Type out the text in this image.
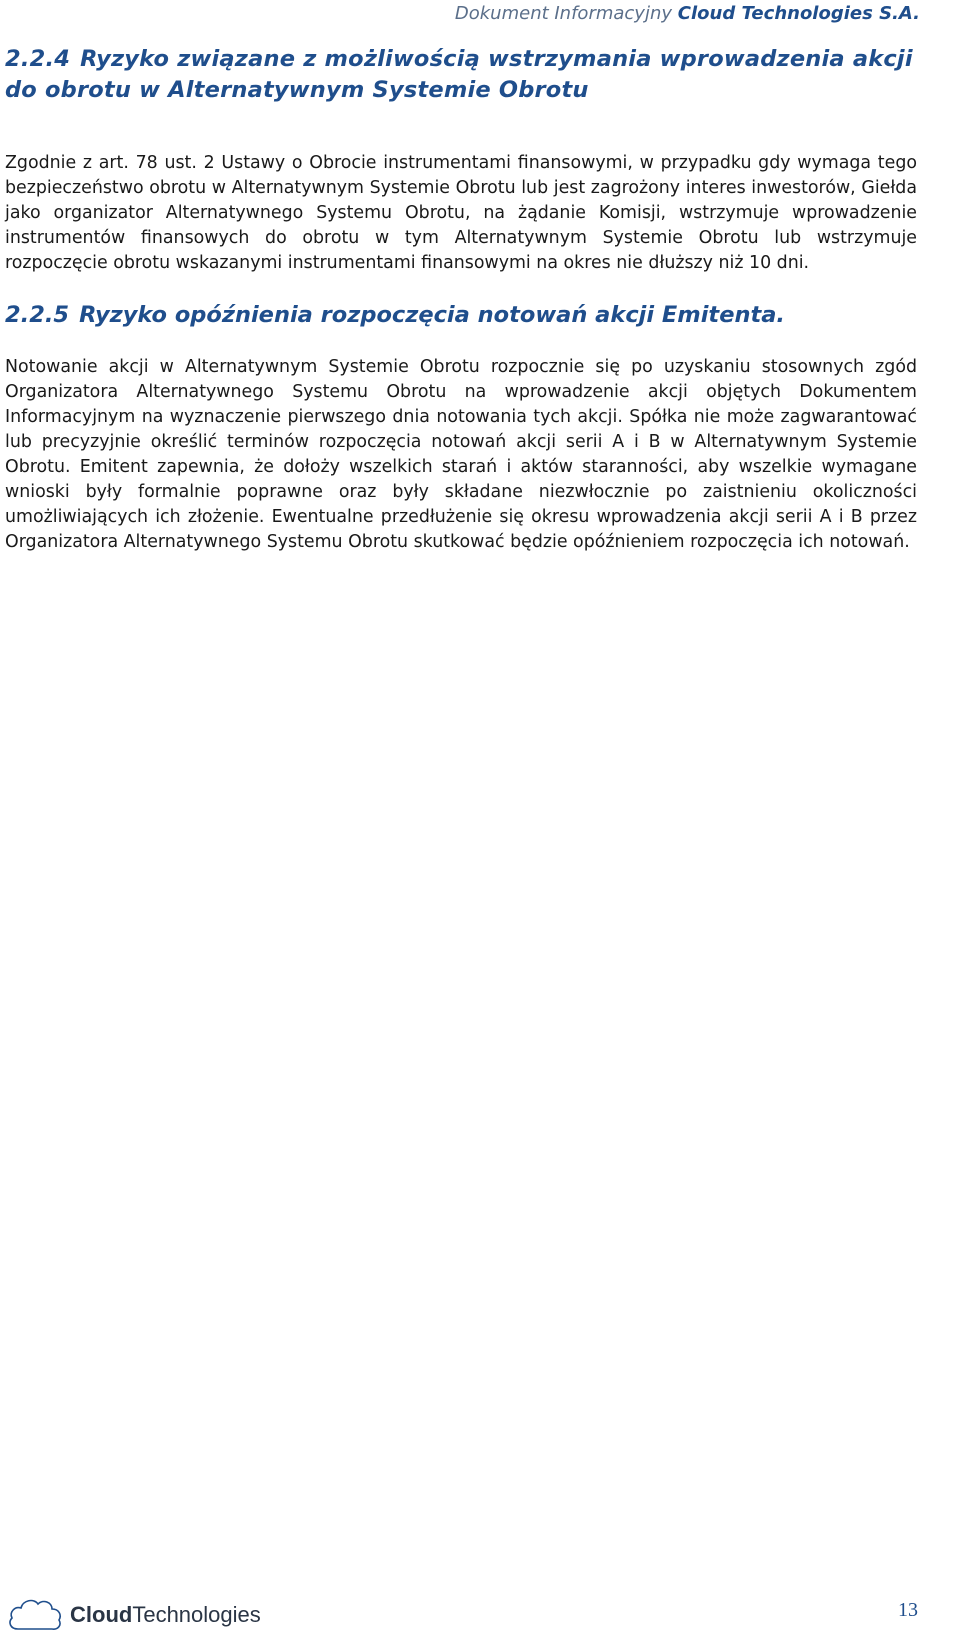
Dokument Informacyjny Cloud Technologies S.A.
2.2.4 Ryzyko związane z możliwością wstrzymania wprowadzenia akcji do obrotu w Alternatywnym Systemie Obrotu

Zgodnie z art. 78 ust. 2 Ustawy o Obrocie instrumentami finansowymi, w przypadku gdy wymaga tego bezpieczeństwo obrotu w Alternatywnym Systemie Obrotu lub jest zagrożony interes inwestorów, Giełda jako organizator Alternatywnego Systemu Obrotu, na żądanie Komisji, wstrzymuje wprowadzenie instrumentów finansowych do obrotu w tym Alternatywnym Systemie Obrotu lub wstrzymuje rozpoczęcie obrotu wskazanymi instrumentami finansowymi na okres nie dłuższy niż 10 dni.

2.2.5 Ryzyko opóźnienia rozpoczęcia notowań akcji Emitenta.

Notowanie akcji w Alternatywnym Systemie Obrotu rozpocznie się po uzyskaniu stosownych zgód Organizatora Alternatywnego Systemu Obrotu na wprowadzenie akcji objętych Dokumentem Informacyjnym na wyznaczenie pierwszego dnia notowania tych akcji. Spółka nie może zagwarantować lub precyzyjnie określić terminów rozpoczęcia notowań akcji serii A i B w Alternatywnym Systemie Obrotu. Emitent zapewnia, że dołoży wszelkich starań i aktów staranności, aby wszelkie wymagane wnioski były formalnie poprawne oraz były składane niezwłocznie po zaistnieniu okoliczności umożliwiających ich złożenie. Ewentualne przedłużenie się okresu wprowadzenia akcji serii A i B przez Organizatora Alternatywnego Systemu Obrotu skutkować będzie opóźnieniem rozpoczęcia ich notowań.

CloudTechnologies	13
